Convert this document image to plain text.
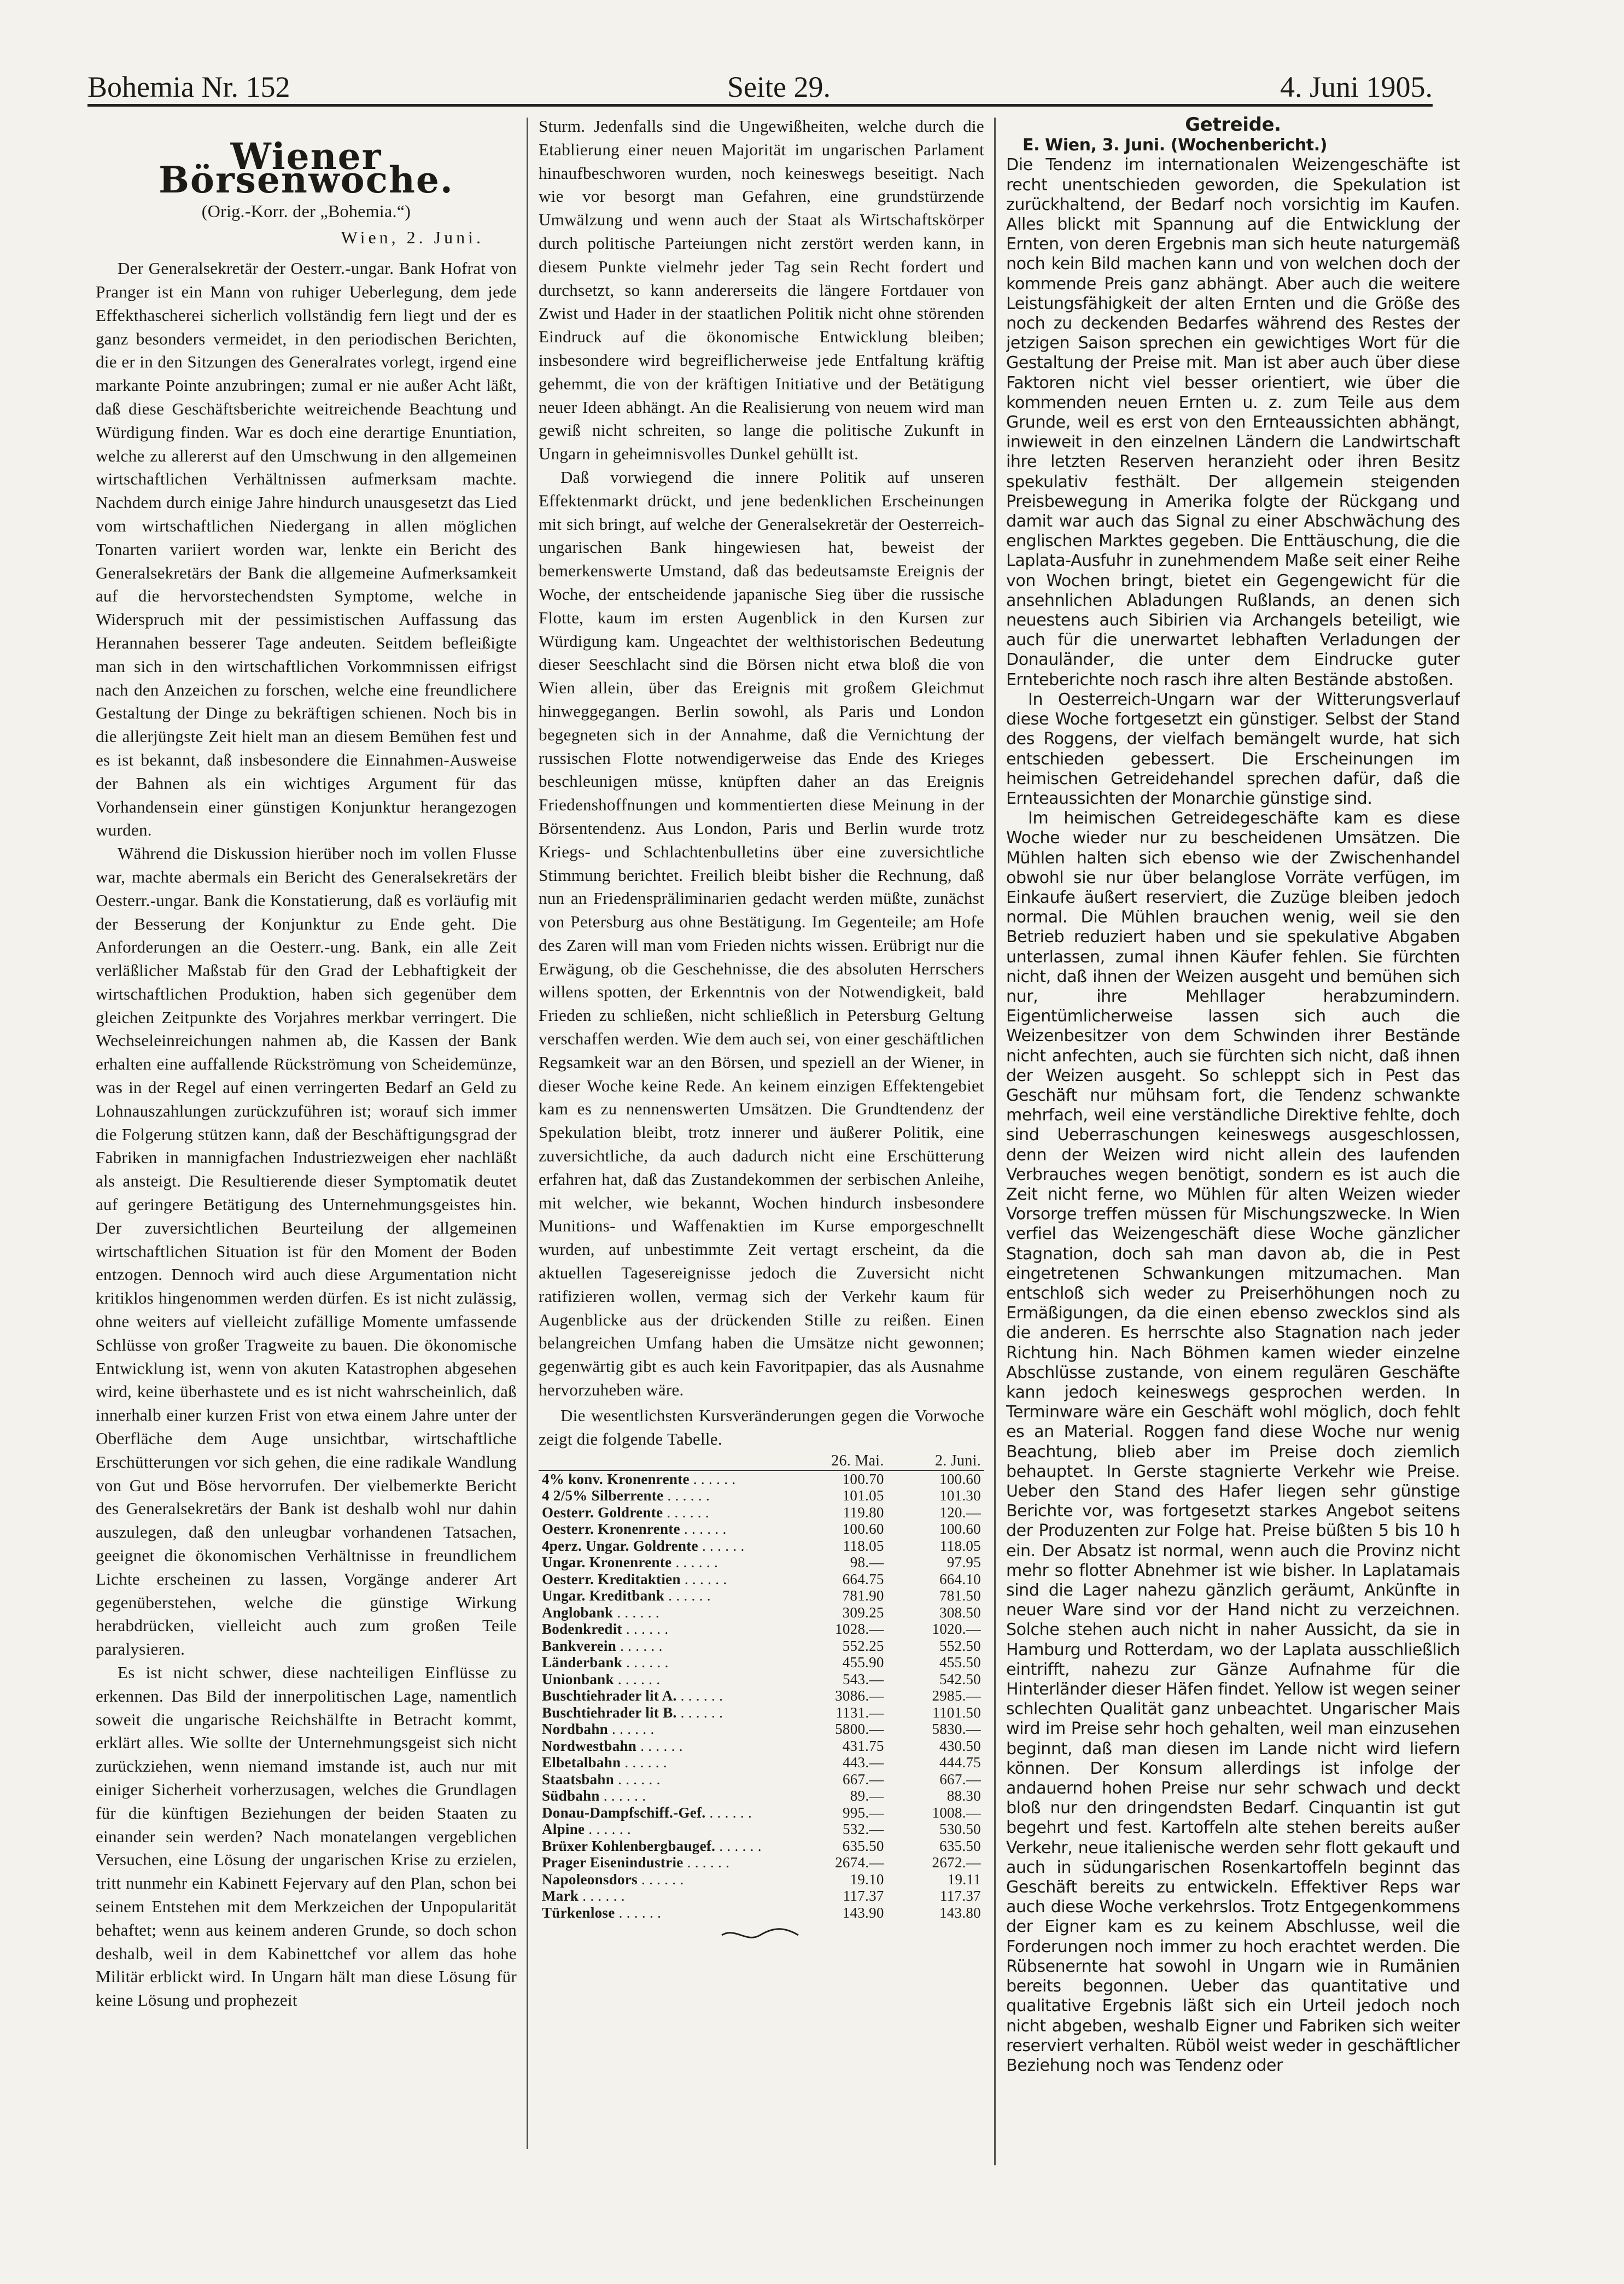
Bohemia Nr. 152	Seite 29.	4. Juni 1905.
Wiener Börsenwoche.
(Orig.-Korr. der „Bohemia.“)
Wien, 2. Juni.

Der Generalsekretär der Oesterr.-ungar. Bank Hofrat von Pranger ist ein Mann von ruhiger Ueberlegung, dem jede Effekthascherei sicherlich vollständig fern liegt und der es ganz besonders vermeidet, in den periodischen Berichten, die er in den Sitzungen des Generalrates vorlegt, irgend eine markante Pointe anzubringen; zumal er nie außer Acht läßt, daß diese Geschäftsberichte weitreichende Beachtung und Würdigung finden. War es doch eine derartige Enuntiation, welche zu allererst auf den Umschwung in den allgemeinen wirtschaftlichen Verhältnissen aufmerksam machte. Nachdem durch einige Jahre hindurch unausgesetzt das Lied vom wirtschaftlichen Niedergang in allen möglichen Tonarten variiert worden war, lenkte ein Bericht des Generalsekretärs der Bank die allgemeine Aufmerksamkeit auf die hervorstechendsten Symptome, welche in Widerspruch mit der pessimistischen Auffassung das Herannahen besserer Tage andeuten. Seitdem befleißigte man sich in den wirtschaftlichen Vorkommnissen eifrigst nach den Anzeichen zu forschen, welche eine freundlichere Gestaltung der Dinge zu bekräftigen schienen. Noch bis in die allerjüngste Zeit hielt man an diesem Bemühen fest und es ist bekannt, daß insbesondere die Einnahmen-Ausweise der Bahnen als ein wichtiges Argument für das Vorhandensein einer günstigen Konjunktur herangezogen wurden.

Während die Diskussion hierüber noch im vollen Flusse war, machte abermals ein Bericht des Generalsekretärs der Oesterr.-ungar. Bank die Konstatierung, daß es vorläufig mit der Besserung der Konjunktur zu Ende geht. Die Anforderungen an die Oesterr.-ung. Bank, ein alle Zeit verläßlicher Maßstab für den Grad der Lebhaftigkeit der wirtschaftlichen Produktion, haben sich gegenüber dem gleichen Zeitpunkte des Vorjahres merkbar verringert. Die Wechseleinreichungen nahmen ab, die Kassen der Bank erhalten eine auffallende Rückströmung von Scheidemünze, was in der Regel auf einen verringerten Bedarf an Geld zu Lohnauszahlungen zurückzuführen ist; worauf sich immer die Folgerung stützen kann, daß der Beschäftigungsgrad der Fabriken in mannigfachen Industriezweigen eher nachläßt als ansteigt. Die Resultierende dieser Symptomatik deutet auf geringere Betätigung des Unternehmungsgeistes hin. Der zuversichtlichen Beurteilung der allgemeinen wirtschaftlichen Situation ist für den Moment der Boden entzogen. Dennoch wird auch diese Argumentation nicht kritiklos hingenommen werden dürfen. Es ist nicht zulässig, ohne weiters auf vielleicht zufällige Momente umfassende Schlüsse von großer Tragweite zu bauen. Die ökonomische Entwicklung ist, wenn von akuten Katastrophen abgesehen wird, keine überhastete und es ist nicht wahrscheinlich, daß innerhalb einer kurzen Frist von etwa einem Jahre unter der Oberfläche dem Auge unsichtbar, wirtschaftliche Erschütterungen vor sich gehen, die eine radikale Wandlung von Gut und Böse hervorrufen. Der vielbemerkte Bericht des Generalsekretärs der Bank ist deshalb wohl nur dahin auszulegen, daß den unleugbar vorhandenen Tatsachen, geeignet die ökonomischen Verhältnisse in freundlichem Lichte erscheinen zu lassen, Vorgänge anderer Art gegenüberstehen, welche die günstige Wirkung herabdrücken, vielleicht auch zum großen Teile paralysieren.

Es ist nicht schwer, diese nachteiligen Einflüsse zu erkennen. Das Bild der innerpolitischen Lage, namentlich soweit die ungarische Reichshälfte in Betracht kommt, erklärt alles. Wie sollte der Unternehmungsgeist sich nicht zurückziehen, wenn niemand imstande ist, auch nur mit einiger Sicherheit vorherzusagen, welches die Grundlagen für die künftigen Beziehungen der beiden Staaten zu einander sein werden? Nach monatelangen vergeblichen Versuchen, eine Lösung der ungarischen Krise zu erzielen, tritt nunmehr ein Kabinett Fejervary auf den Plan, schon bei seinem Entstehen mit dem Merkzeichen der Unpopularität behaftet; wenn aus keinem anderen Grunde, so doch schon deshalb, weil in dem Kabinettchef vor allem das hohe Militär erblickt wird. In Ungarn hält man diese Lösung für keine Lösung und prophezeit

Sturm. Jedenfalls sind die Ungewißheiten, welche durch die Etablierung einer neuen Majorität im ungarischen Parlament hinaufbeschworen wurden, noch keineswegs beseitigt. Nach wie vor besorgt man Gefahren, eine grundstürzende Umwälzung und wenn auch der Staat als Wirtschaftskörper durch politische Parteiungen nicht zerstört werden kann, in diesem Punkte vielmehr jeder Tag sein Recht fordert und durchsetzt, so kann andererseits die längere Fortdauer von Zwist und Hader in der staatlichen Politik nicht ohne störenden Eindruck auf die ökonomische Entwicklung bleiben; insbesondere wird begreiflicherweise jede Entfaltung kräftig gehemmt, die von der kräftigen Initiative und der Betätigung neuer Ideen abhängt. An die Realisierung von neuem wird man gewiß nicht schreiten, so lange die politische Zukunft in Ungarn in geheimnisvolles Dunkel gehüllt ist.

Daß vorwiegend die innere Politik auf unseren Effektenmarkt drückt, und jene bedenklichen Erscheinungen mit sich bringt, auf welche der Generalsekretär der Oesterreich-ungarischen Bank hingewiesen hat, beweist der bemerkenswerte Umstand, daß das bedeutsamste Ereignis der Woche, der entscheidende japanische Sieg über die russische Flotte, kaum im ersten Augenblick in den Kursen zur Würdigung kam. Ungeachtet der welthistorischen Bedeutung dieser Seeschlacht sind die Börsen nicht etwa bloß die von Wien allein, über das Ereignis mit großem Gleichmut hinweggegangen. Berlin sowohl, als Paris und London begegneten sich in der Annahme, daß die Vernichtung der russischen Flotte notwendigerweise das Ende des Krieges beschleunigen müsse, knüpften daher an das Ereignis Friedenshoffnungen und kommentierten diese Meinung in der Börsentendenz. Aus London, Paris und Berlin wurde trotz Kriegs- und Schlachtenbulletins über eine zuversichtliche Stimmung berichtet. Freilich bleibt bisher die Rechnung, daß nun an Friedenspräliminarien gedacht werden müßte, zunächst von Petersburg aus ohne Bestätigung. Im Gegenteile; am Hofe des Zaren will man vom Frieden nichts wissen. Erübrigt nur die Erwägung, ob die Geschehnisse, die des absoluten Herrschers willens spotten, der Erkenntnis von der Notwendigkeit, bald Frieden zu schließen, nicht schließlich in Petersburg Geltung verschaffen werden. Wie dem auch sei, von einer geschäftlichen Regsamkeit war an den Börsen, und speziell an der Wiener, in dieser Woche keine Rede. An keinem einzigen Effektengebiet kam es zu nennenswerten Umsätzen. Die Grundtendenz der Spekulation bleibt, trotz innerer und äußerer Politik, eine zuversichtliche, da auch dadurch nicht eine Erschütterung erfahren hat, daß das Zustandekommen der serbischen Anleihe, mit welcher, wie bekannt, Wochen hindurch insbesondere Munitions- und Waffenaktien im Kurse emporgeschnellt wurden, auf unbestimmte Zeit vertagt erscheint, da die aktuellen Tagesereignisse jedoch die Zuversicht nicht ratifizieren wollen, vermag sich der Verkehr kaum für Augenblicke aus der drückenden Stille zu reißen. Einen belangreichen Umfang haben die Umsätze nicht gewonnen; gegenwärtig gibt es auch kein Favoritpapier, das als Ausnahme hervorzuheben wäre.

Die wesentlichsten Kursveränderungen gegen die Vorwoche zeigt die folgende Tabelle.

	26. Mai.	2. Juni.
4% konv. Kronenrente . . .	100.70	100.60
4 2/5% Silberrente . . .	101.05	101.30
Oesterr. Goldrente . . .	119.80	120.—
Oesterr. Kronenrente . . .	100.60	100.60
4perz. Ungar. Goldrente . . .	118.05	118.05
Ungar. Kronenrente . . .	98.—	97.95
Oesterr. Kreditaktien . . .	664.75	664.10
Ungar. Kreditbank . . .	781.90	781.50
Anglobank . . .	309.25	308.50
Bodenkredit . . .	1028.—	1020.—
Bankverein . . .	552.25	552.50
Länderbank . . .	455.90	455.50
Unionbank . . .	543.—	542.50
Buschtiehrader lit A. . . .	3086.—	2985.—
Buschtiehrader lit B. . . .	1131.—	1101.50
Nordbahn . . .	5800.—	5830.—
Nordwestbahn . . .	431.75	430.50
Elbetalbahn . . .	443.—	444.75
Staatsbahn . . .	667.—	667.—
Südbahn . . .	89.—	88.30
Donau-Dampfschiff.-Gef. . . .	995.—	1008.—
Alpine . . .	532.—	530.50
Brüxer Kohlenbergbaugef. . . .	635.50	635.50
Prager Eisenindustrie . . .	2674.—	2672.—
Napoleonsdors . . .	19.10	19.11
Mark . . .	117.37	117.37
Türkenlose . . .	143.90	143.80
Getreide.

E. Wien, 3. Juni. (Wochenbericht.)

Die Tendenz im internationalen Weizengeschäfte ist recht unentschieden geworden, die Spekulation ist zurückhaltend, der Bedarf noch vorsichtig im Kaufen. Alles blickt mit Spannung auf die Entwicklung der Ernten, von deren Ergebnis man sich heute naturgemäß noch kein Bild machen kann und von welchen doch der kommende Preis ganz abhängt. Aber auch die weitere Leistungsfähigkeit der alten Ernten und die Größe des noch zu deckenden Bedarfes während des Restes der jetzigen Saison sprechen ein gewichtiges Wort für die Gestaltung der Preise mit. Man ist aber auch über diese Faktoren nicht viel besser orientiert, wie über die kommenden neuen Ernten u. z. zum Teile aus dem Grunde, weil es erst von den Ernteaussichten abhängt, inwieweit in den einzelnen Ländern die Landwirtschaft ihre letzten Reserven heranzieht oder ihren Besitz spekulativ festhält. Der allgemein steigenden Preisbewegung in Amerika folgte der Rückgang und damit war auch das Signal zu einer Abschwächung des englischen Marktes gegeben. Die Enttäuschung, die die Laplata-Ausfuhr in zunehmendem Maße seit einer Reihe von Wochen bringt, bietet ein Gegengewicht für die ansehnlichen Abladungen Rußlands, an denen sich neuestens auch Sibirien via Archangels beteiligt, wie auch für die unerwartet lebhaften Verladungen der Donauländer, die unter dem Eindrucke guter Ernteberichte noch rasch ihre alten Bestände abstoßen.

In Oesterreich-Ungarn war der Witterungsverlauf diese Woche fortgesetzt ein günstiger. Selbst der Stand des Roggens, der vielfach bemängelt wurde, hat sich entschieden gebessert. Die Erscheinungen im heimischen Getreidehandel sprechen dafür, daß die Ernteaussichten der Monarchie günstige sind.

Im heimischen Getreidegeschäfte kam es diese Woche wieder nur zu bescheidenen Umsätzen. Die Mühlen halten sich ebenso wie der Zwischenhandel obwohl sie nur über belanglose Vorräte verfügen, im Einkaufe äußert reserviert, die Zuzüge bleiben jedoch normal. Die Mühlen brauchen wenig, weil sie den Betrieb reduziert haben und sie spekulative Abgaben unterlassen, zumal ihnen Käufer fehlen. Sie fürchten nicht, daß ihnen der Weizen ausgeht und bemühen sich nur, ihre Mehllager herabzumindern. Eigentümlicherweise lassen sich auch die Weizenbesitzer von dem Schwinden ihrer Bestände nicht anfechten, auch sie fürchten sich nicht, daß ihnen der Weizen ausgeht. So schleppt sich in Pest das Geschäft nur mühsam fort, die Tendenz schwankte mehrfach, weil eine verständliche Direktive fehlte, doch sind Ueberraschungen keineswegs ausgeschlossen, denn der Weizen wird nicht allein des laufenden Verbrauches wegen benötigt, sondern es ist auch die Zeit nicht ferne, wo Mühlen für alten Weizen wieder Vorsorge treffen müssen für Mischungszwecke. In Wien verfiel das Weizengeschäft diese Woche gänzlicher Stagnation, doch sah man davon ab, die in Pest eingetretenen Schwankungen mitzumachen. Man entschloß sich weder zu Preiserhöhungen noch zu Ermäßigungen, da die einen ebenso zwecklos sind als die anderen. Es herrschte also Stagnation nach jeder Richtung hin. Nach Böhmen kamen wieder einzelne Abschlüsse zustande, von einem regulären Geschäfte kann jedoch keineswegs gesprochen werden. In Terminware wäre ein Geschäft wohl möglich, doch fehlt es an Material. Roggen fand diese Woche nur wenig Beachtung, blieb aber im Preise doch ziemlich behauptet. In Gerste stagnierte Verkehr wie Preise. Ueber den Stand des Hafer liegen sehr günstige Berichte vor, was fortgesetzt starkes Angebot seitens der Produzenten zur Folge hat. Preise büßten 5 bis 10 h ein. Der Absatz ist normal, wenn auch die Provinz nicht mehr so flotter Abnehmer ist wie bisher. In Laplatamais sind die Lager nahezu gänzlich geräumt, Ankünfte in neuer Ware sind vor der Hand nicht zu verzeichnen. Solche stehen auch nicht in naher Aussicht, da sie in Hamburg und Rotterdam, wo der Laplata ausschließlich eintrifft, nahezu zur Gänze Aufnahme für die Hinterländer dieser Häfen findet. Yellow ist wegen seiner schlechten Qualität ganz unbeachtet. Ungarischer Mais wird im Preise sehr hoch gehalten, weil man einzusehen beginnt, daß man diesen im Lande nicht wird liefern können. Der Konsum allerdings ist infolge der andauernd hohen Preise nur sehr schwach und deckt bloß nur den dringendsten Bedarf. Cinquantin ist gut begehrt und fest. Kartoffeln alte stehen bereits außer Verkehr, neue italienische werden sehr flott gekauft und auch in südungarischen Rosenkartoffeln beginnt das Geschäft bereits zu entwickeln. Effektiver Reps war auch diese Woche verkehrslos. Trotz Entgegenkommens der Eigner kam es zu keinem Abschlusse, weil die Forderungen noch immer zu hoch erachtet werden. Die Rübsenernte hat sowohl in Ungarn wie in Rumänien bereits begonnen. Ueber das quantitative und qualitative Ergebnis läßt sich ein Urteil jedoch noch nicht abgeben, weshalb Eigner und Fabriken sich weiter reserviert verhalten. Rüböl weist weder in geschäftlicher Beziehung noch was Tendenz oder
